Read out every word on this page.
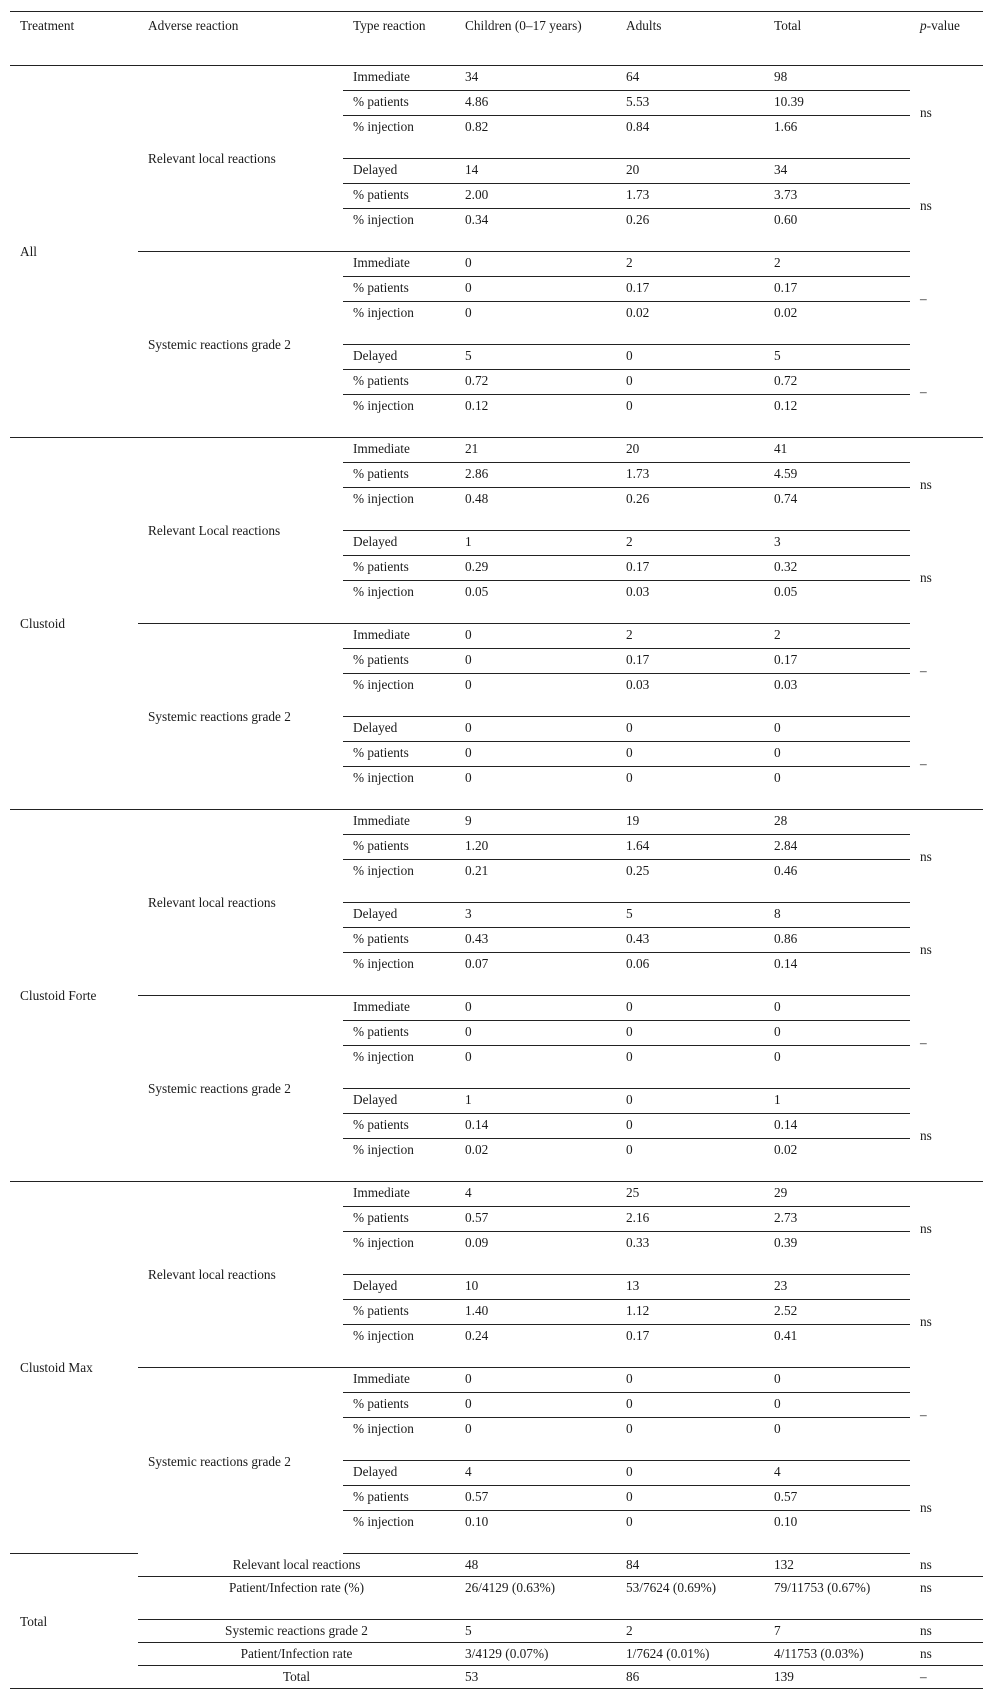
Treatment	Adverse reaction	Type reaction	Children (0–17 years)	Adults	Total	p-value
All	Relevant local reactions	Immediate	34	64	98	ns
		% patients	4.86	5.53	10.39	
		% injection	0.82	0.84	1.66	
		Delayed	14	20	34	ns
		% patients	2.00	1.73	3.73	
		% injection	0.34	0.26	0.60	
	Systemic reactions grade 2	Immediate	0	2	2	–
		% patients	0	0.17	0.17	
		% injection	0	0.02	0.02	
		Delayed	5	0	5	–
		% patients	0.72	0	0.72	
		% injection	0.12	0	0.12	
Clustoid	Relevant Local reactions	Immediate	21	20	41	ns
		% patients	2.86	1.73	4.59	
		% injection	0.48	0.26	0.74	
		Delayed	1	2	3	ns
		% patients	0.29	0.17	0.32	
		% injection	0.05	0.03	0.05	
	Systemic reactions grade 2	Immediate	0	2	2	–
		% patients	0	0.17	0.17	
		% injection	0	0.03	0.03	
		Delayed	0	0	0	–
		% patients	0	0	0	
		% injection	0	0	0	
Clustoid Forte	Relevant local reactions	Immediate	9	19	28	ns
		% patients	1.20	1.64	2.84	
		% injection	0.21	0.25	0.46	
		Delayed	3	5	8	ns
		% patients	0.43	0.43	0.86	
		% injection	0.07	0.06	0.14	
	Systemic reactions grade 2	Immediate	0	0	0	–
		% patients	0	0	0	
		% injection	0	0	0	
		Delayed	1	0	1	ns
		% patients	0.14	0	0.14	
		% injection	0.02	0	0.02	
Clustoid Max	Relevant local reactions	Immediate	4	25	29	ns
		% patients	0.57	2.16	2.73	
		% injection	0.09	0.33	0.39	
		Delayed	10	13	23	ns
		% patients	1.40	1.12	2.52	
		% injection	0.24	0.17	0.41	
	Systemic reactions grade 2	Immediate	0	0	0	–
		% patients	0	0	0	
		% injection	0	0	0	
		Delayed	4	0	4	ns
		% patients	0.57	0	0.57	
		% injection	0.10	0	0.10	
Total	Relevant local reactions		48	84	132	ns
	Patient/Infection rate (%)		26/4129 (0.63%)	53/7624 (0.69%)	79/11753 (0.67%)	ns
	Systemic reactions grade 2		5	2	7	ns
	Patient/Infection rate		3/4129 (0.07%)	1/7624 (0.01%)	4/11753 (0.03%)	ns
	Total		53	86	139	–
